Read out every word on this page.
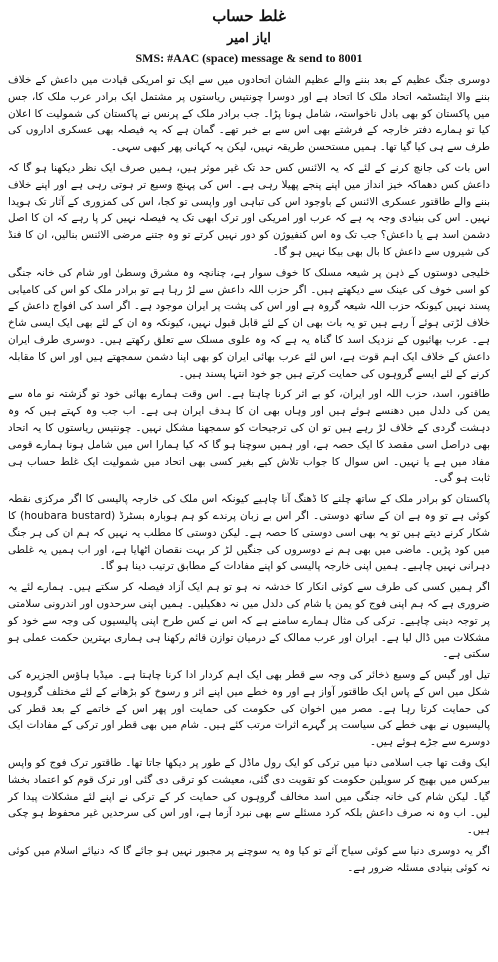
غلط حساب
ایاز امیر
SMS: #AAC (space) message & send to 8001

دوسری جنگ عظیم کے بعد بننے والے عظیم الشان اتحادوں میں سے ایک تو امریکی قیادت میں داعش کے خلاف بننے والا اینٹسٹمہ اتحاد ملک کا اتحاد ہے اور دوسرا چونتیس ریاستوں پر مشتمل ایک برادر عرب ملک کا، جس میں پاکستان کو بھی بادل ناخواستہ، شامل ہونا پڑا۔ جب برادر ملک کے پرنس نے پاکستان کی شمولیت کا اعلان کیا تو ہمارے دفتر خارجہ کے فرشتے بھی اس سے بے خبر تھے۔ گمان ہے کہ یہ فیصلہ بھی عسکری اداروں کی طرف سے ہی کیا گیا تھا۔ ہمیں مستحسن طریقہ نہیں، لیکن یہ کہانی پھر کبھی سہی۔

اس بات کی جانچ کرنے کے لئے کہ یہ الائنس کس حد تک غیر موثر ہیں، ہمیں صرف ایک نظر دیکھنا ہو گا کہ داعش کس دھماکہ خیز انداز میں اپنے پنجے پھیلا رہی ہے۔ اس کی پہنچ وسیع تر ہوتی رہی ہے اور اپنے خلاف بننے والے طاقتور عسکری الائنس کے باوجود اس کی تباہی اور واپسی تو کجا، اس کی کمزوری کے آثار تک ہویدا نہیں۔ اس کی بنیادی وجہ یہ ہے کہ عرب اور امریکی اور ترک ابھی تک یہ فیصلہ نہیں کر پا رہے کہ ان کا اصل دشمن اسد ہے یا داعش؟ جب تک وہ اس کنفیوژن کو دور نہیں کرتے تو وہ جتنے مرضی الائنس بنالیں، ان کا فنڈ کی شیروں سے داعش کا بال بھی بیکا نہیں ہو گا۔

خلیجی دوستوں کے ذہن پر شیعہ مسلک کا خوف سوار ہے، چنانچہ وہ مشرق وسطیٰ اور شام کی خانہ جنگی کو اسی خوف کی عینک سے دیکھتے ہیں۔ اگر حزب اللہ داعش سے لڑ رہا ہے تو برادر ملک کو اس کی کامیابی پسند نہیں کیونکہ حزب اللہ شیعہ گروہ ہے اور اس کی پشت پر ایران موجود ہے۔ اگر اسد کی افواج داعش کے خلاف لڑتی ہوئے آ رہے ہیں تو یہ بات بھی ان کے لئے قابل قبول نہیں، کیونکہ وہ ان کے لئے بھی ایک ایسی شاخ ہے۔ عرب بھائیوں کے نزدیک اسد کا گناہ یہ ہے کہ وہ علوی مسلک سے تعلق رکھتے ہیں۔ دوسری طرف ایران داعش کے خلاف ایک اہم قوت ہے، اس لئے عرب بھائی ایران کو بھی اپنا دشمن سمجھتے ہیں اور اس کا مقابلہ کرنے کے لئے ایسے گروہوں کی حمایت کرتے ہیں جو خود انتہا پسند ہیں۔

طاقتور، اسد، حزب اللہ اور ایران، کو بے اثر کرنا چاہتا ہے۔ اس وقت ہمارے بھائی خود تو گزشتہ نو ماہ سے یمن کی دلدل میں دھنسے ہوئے ہیں اور وہاں بھی ان کا ہدف ایران ہی ہے۔ اب جب وہ کہتے ہیں کہ وہ دہشت گردی کے خلاف لڑ رہے ہیں تو ان کی ترجیحات کو سمجھنا مشکل نہیں۔ چونتیس ریاستوں کا یہ اتحاد بھی دراصل اسی مقصد کا ایک حصہ ہے، اور ہمیں سوچنا ہو گا کہ کیا ہمارا اس میں شامل ہونا ہمارے قومی مفاد میں ہے یا نہیں۔ اس سوال کا جواب تلاش کیے بغیر کسی بھی اتحاد میں شمولیت ایک غلط حساب ہی ثابت ہو گی۔

پاکستان کو برادر ملک کے ساتھ چلنے کا ڈھنگ آنا چاہیے کیونکہ اس ملک کی خارجہ پالیسی کا اگر مرکزی نقطہ کوئی ہے تو وہ ہے ان کے ساتھ دوستی۔ اگر اس بے زبان پرندے کو ہم ہوبارہ بسٹرڈ (houbara bustard) کا شکار کرنے دیتے ہیں تو یہ بھی اسی دوستی کا حصہ ہے۔ لیکن دوستی کا مطلب یہ نہیں کہ ہم ان کی ہر جنگ میں کود پڑیں۔ ماضی میں بھی ہم نے دوسروں کی جنگیں لڑ کر بہت نقصان اٹھایا ہے، اور اب ہمیں یہ غلطی دہرانی نہیں چاہیے۔ ہمیں اپنی خارجہ پالیسی کو اپنے مفادات کے مطابق ترتیب دینا ہو گا۔

اگر ہمیں کسی کی طرف سے کوئی انکار کا خدشہ نہ ہو تو ہم ایک آزاد فیصلہ کر سکتے ہیں۔ ہمارے لئے یہ ضروری ہے کہ ہم اپنی فوج کو یمن یا شام کی دلدل میں نہ دھکیلیں۔ ہمیں اپنی سرحدوں اور اندرونی سلامتی پر توجہ دینی چاہیے۔ ترکی کی مثال ہمارے سامنے ہے کہ اس نے کس طرح اپنی پالیسیوں کی وجہ سے خود کو مشکلات میں ڈال لیا ہے۔ ایران اور عرب ممالک کے درمیان توازن قائم رکھنا ہی ہماری بہترین حکمت عملی ہو سکتی ہے۔

تیل اور گیس کے وسیع ذخائر کی وجہ سے قطر بھی ایک اہم کردار ادا کرنا چاہتا ہے۔ میڈیا ہاؤس الجزیرہ کی شکل میں اس کے پاس ایک طاقتور آواز ہے اور وہ خطے میں اپنے اثر و رسوخ کو بڑھانے کے لئے مختلف گروہوں کی حمایت کرتا رہا ہے۔ مصر میں اخوان کی حکومت کی حمایت اور پھر اس کے خاتمے کے بعد قطر کی پالیسیوں نے بھی خطے کی سیاست پر گہرے اثرات مرتب کئے ہیں۔ شام میں بھی قطر اور ترکی کے مفادات ایک دوسرے سے جڑے ہوئے ہیں۔

ایک وقت تھا جب اسلامی دنیا میں ترکی کو ایک رول ماڈل کے طور پر دیکھا جاتا تھا۔ طاقتور ترک فوج کو واپس بیرکس میں بھیج کر سویلین حکومت کو تقویت دی گئی، معیشت کو ترقی دی گئی اور ترک قوم کو اعتماد بخشا گیا۔ لیکن شام کی خانہ جنگی میں اسد مخالف گروہوں کی حمایت کر کے ترکی نے اپنے لئے مشکلات پیدا کر لیں۔ اب وہ نہ صرف داعش بلکہ کرد مسئلے سے بھی نبرد آزما ہے، اور اس کی سرحدیں غیر محفوظ ہو چکی ہیں۔

اگر یہ دوسری دنیا سے کوئی سیاح آئے تو کیا وہ یہ سوچنے پر مجبور نہیں ہو جائے گا کہ دنیائے اسلام میں کوئی نہ کوئی بنیادی مسئلہ ضرور ہے۔
